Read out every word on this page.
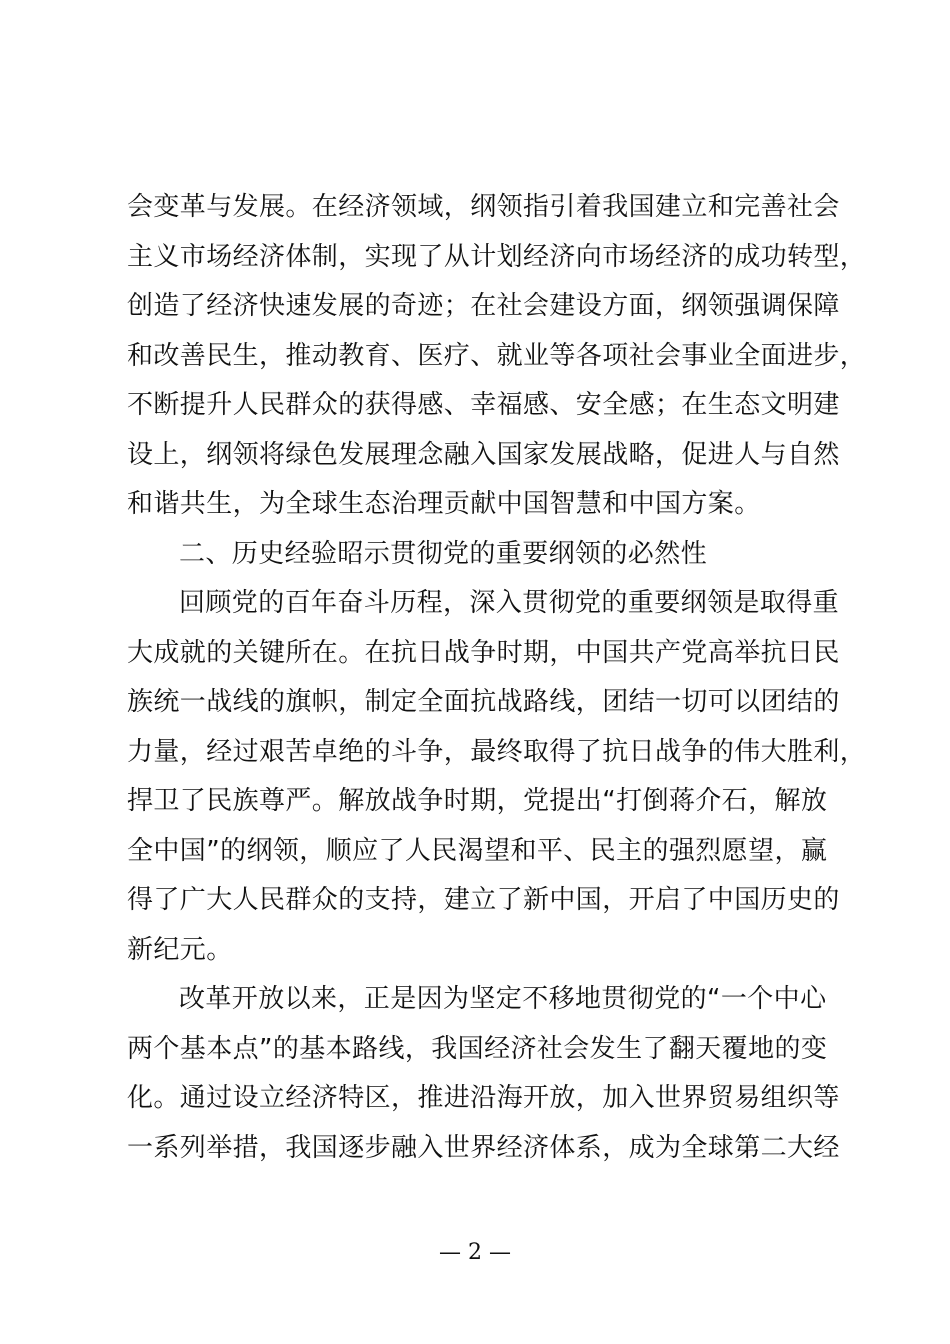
会变革与发展。在经济领域，纲领指引着我国建立和完善社会
主义市场经济体制，实现了从计划经济向市场经济的成功转型，
创造了经济快速发展的奇迹；在社会建设方面，纲领强调保障
和改善民生，推动教育、医疗、就业等各项社会事业全面进步，
不断提升人民群众的获得感、幸福感、安全感；在生态文明建
设上，纲领将绿色发展理念融入国家发展战略，促进人与自然
和谐共生，为全球生态治理贡献中国智慧和中国方案。
二、历史经验昭示贯彻党的重要纲领的必然性
回顾党的百年奋斗历程，深入贯彻党的重要纲领是取得重
大成就的关键所在。在抗日战争时期，中国共产党高举抗日民
族统一战线的旗帜，制定全面抗战路线，团结一切可以团结的
力量，经过艰苦卓绝的斗争，最终取得了抗日战争的伟大胜利，
捍卫了民族尊严。解放战争时期，党提出“打倒蒋介石，解放
全中国”的纲领，顺应了人民渴望和平、民主的强烈愿望，赢
得了广大人民群众的支持，建立了新中国，开启了中国历史的
新纪元。
改革开放以来，正是因为坚定不移地贯彻党的“一个中心
两个基本点”的基本路线，我国经济社会发生了翻天覆地的变
化。通过设立经济特区，推进沿海开放，加入世界贸易组织等
一系列举措，我国逐步融入世界经济体系，成为全球第二大经
— 2 —
